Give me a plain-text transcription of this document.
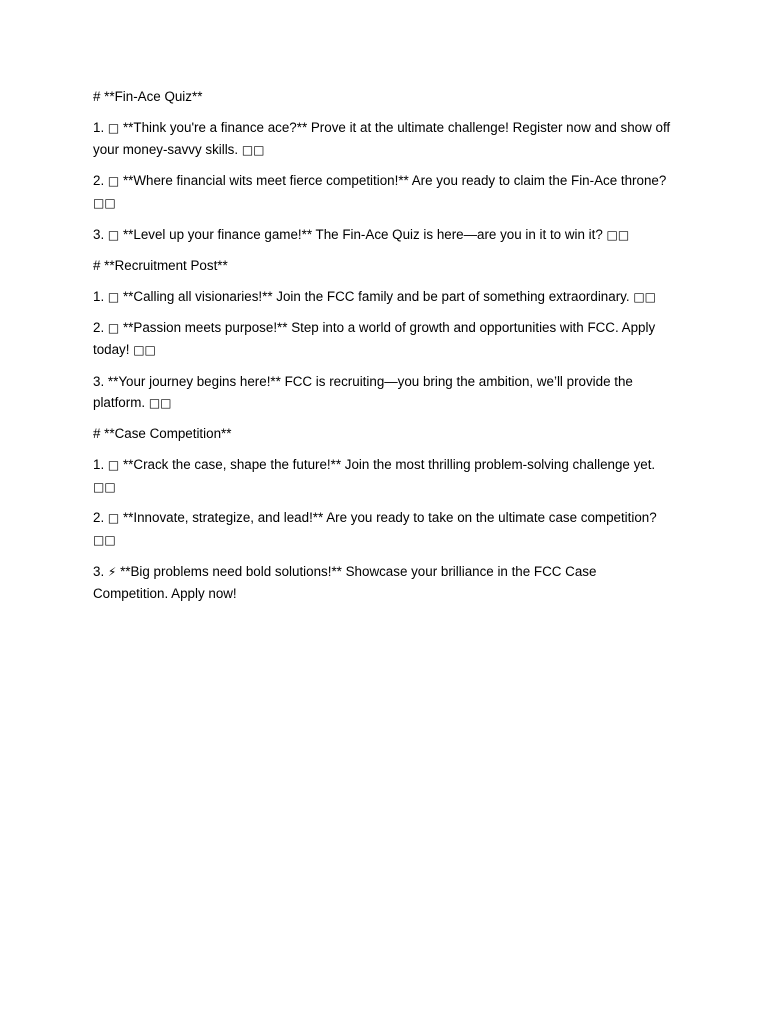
# **Fin-Ace Quiz**

1. □ **Think you're a finance ace?** Prove it at the ultimate challenge! Register now and show off your money-savvy skills. □□

2. □ **Where financial wits meet fierce competition!** Are you ready to claim the Fin-Ace throne? □□

3. □ **Level up your finance game!** The Fin-Ace Quiz is here—are you in it to win it? □□

# **Recruitment Post**

1. □ **Calling all visionaries!** Join the FCC family and be part of something extraordinary. □□

2. □ **Passion meets purpose!** Step into a world of growth and opportunities with FCC. Apply today! □□

3. **Your journey begins here!** FCC is recruiting—you bring the ambition, we’ll provide the platform. □□

# **Case Competition**

1. □ **Crack the case, shape the future!** Join the most thrilling problem-solving challenge yet. □□

2. □ **Innovate, strategize, and lead!** Are you ready to take on the ultimate case competition? □□

3. ⚡ **Big problems need bold solutions!** Showcase your brilliance in the FCC Case Competition. Apply now!
